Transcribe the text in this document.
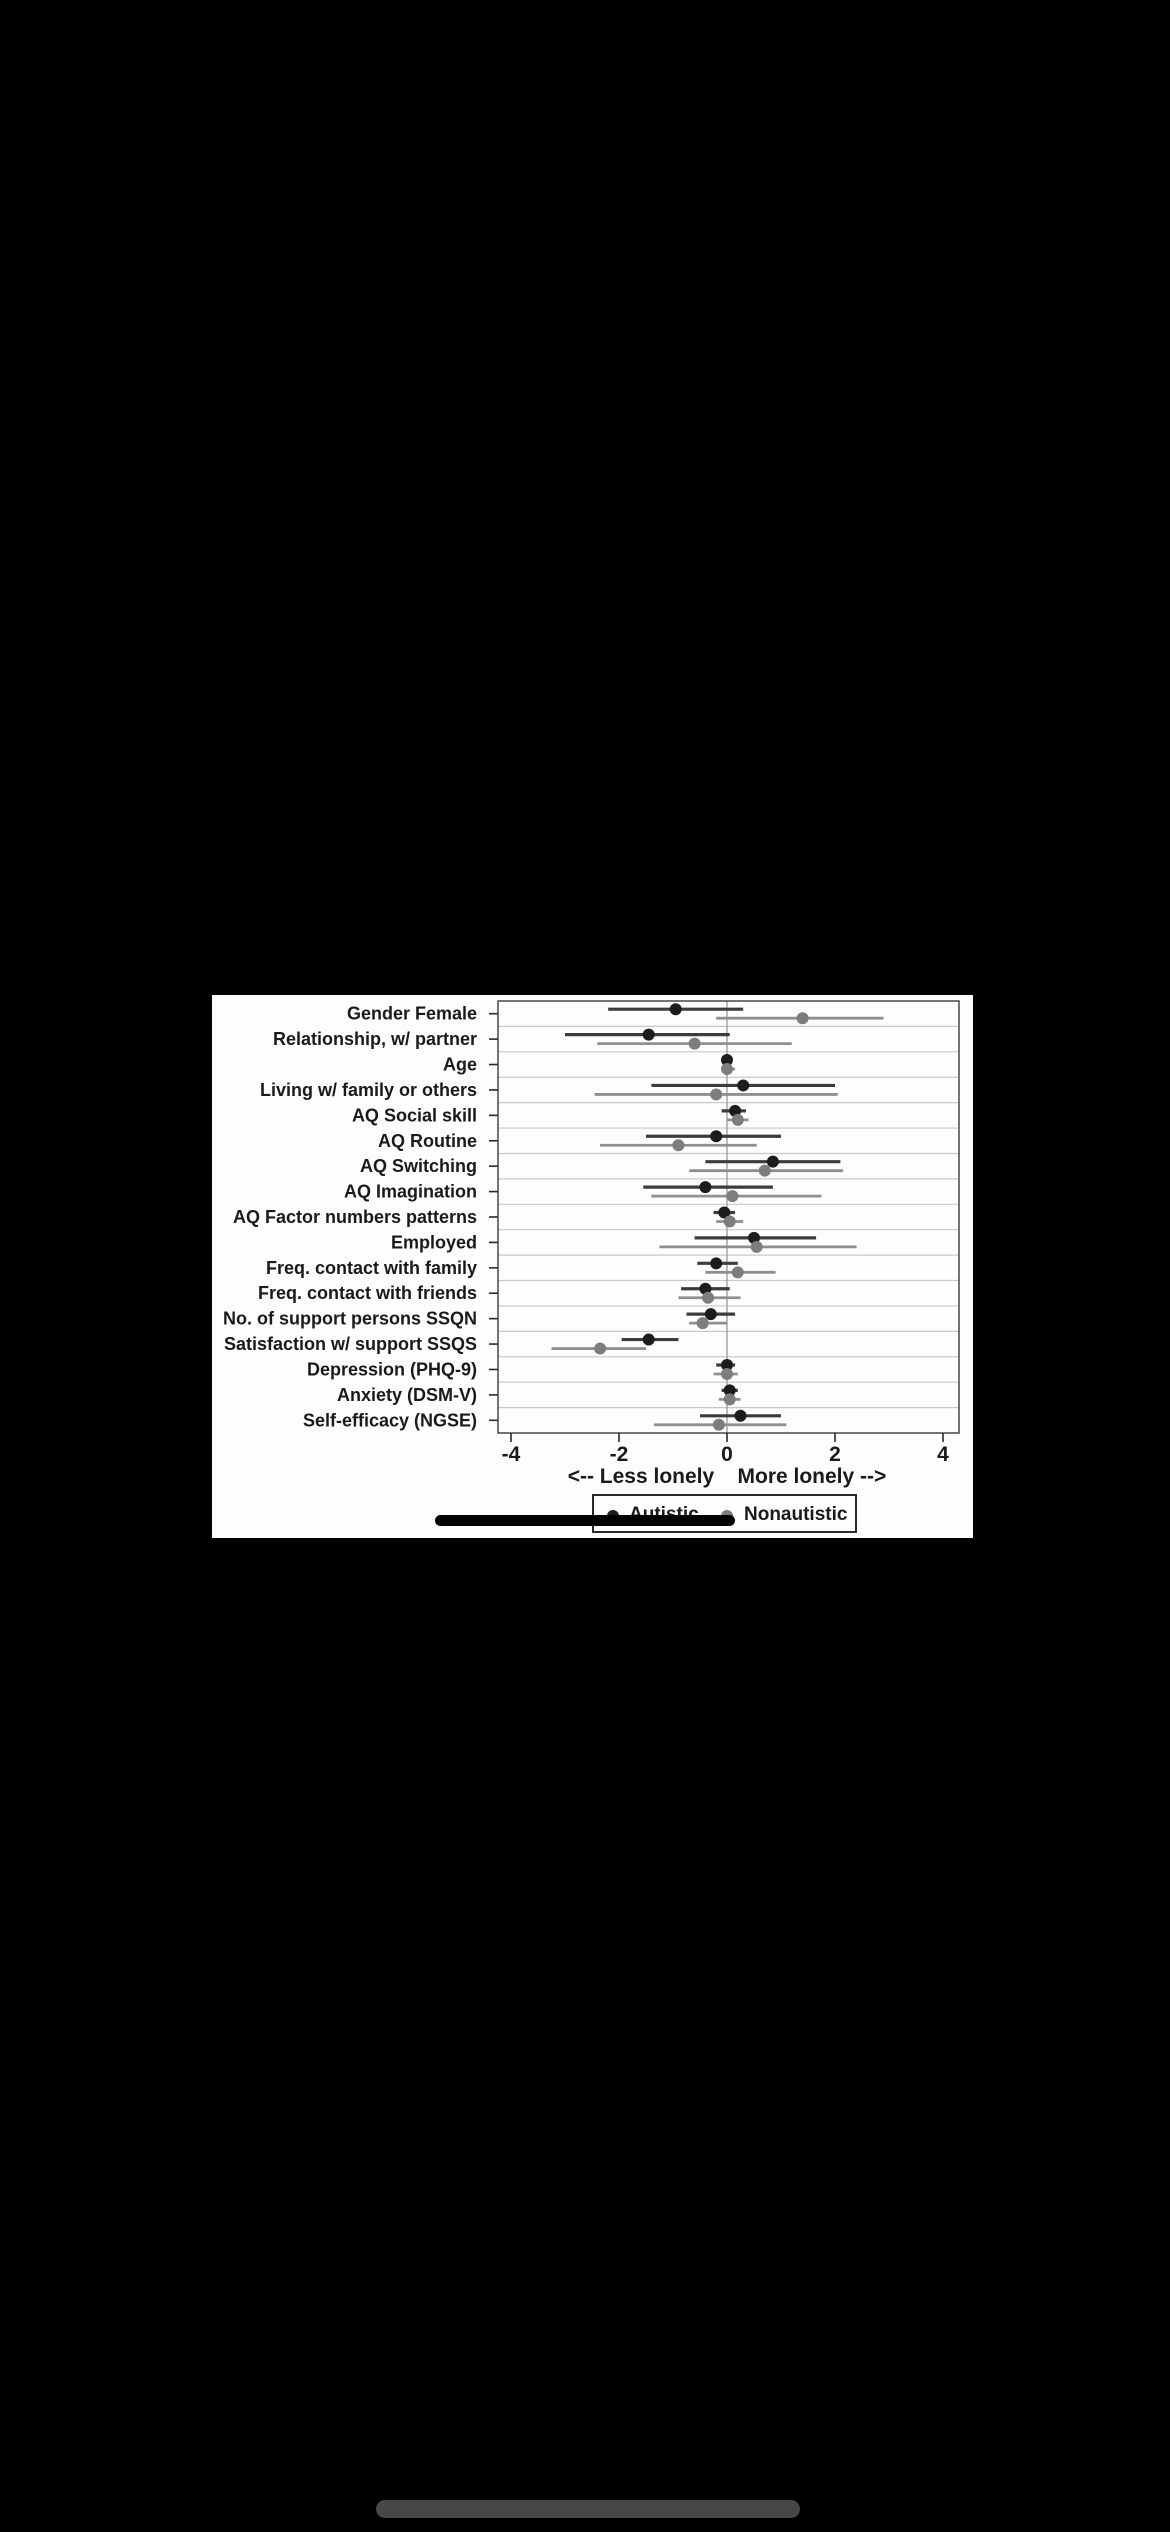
Gender Female
Relationship, w/ partner
Age
Living w/ family or others
AQ Social skill
AQ Routine
AQ Switching
AQ Imagination
AQ Factor numbers patterns
Employed
Freq. contact with family
Freq. contact with friends
No. of support persons SSQN
Satisfaction w/ support SSQS
Depression (PHQ-9)
Anxiety (DSM-V)
Self-efficacy (NGSE)
-4	-2	0	2	4
<-- Less lonely    More lonely -->
Nonautistic
